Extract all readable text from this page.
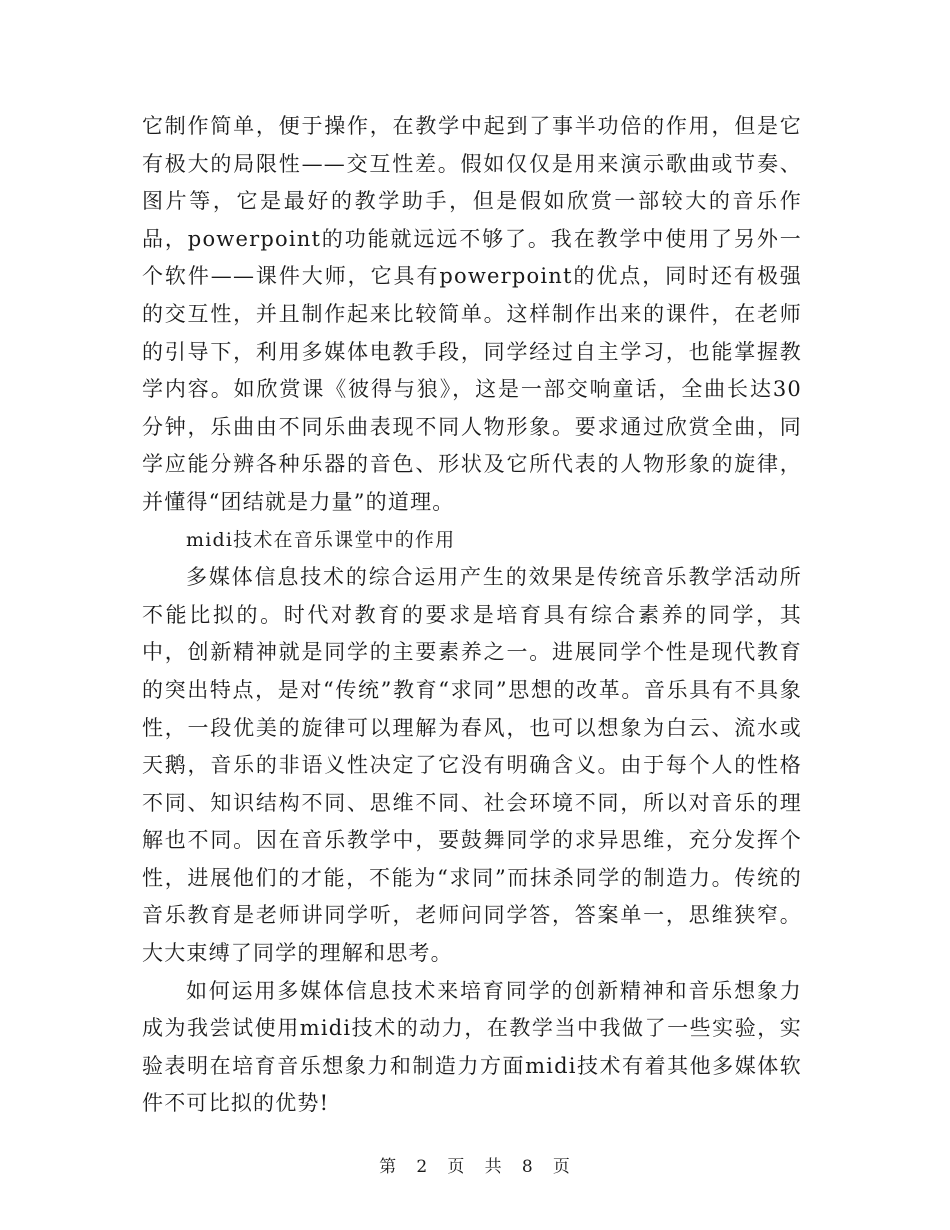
它制作简单，便于操作，在教学中起到了事半功倍的作用，但是它有极大的局限性——交互性差。假如仅仅是用来演示歌曲或节奏、图片等，它是最好的教学助手，但是假如欣赏一部较大的音乐作品，powerpoint的功能就远远不够了。我在教学中使用了另外一个软件——课件大师，它具有powerpoint的优点，同时还有极强的交互性，并且制作起来比较简单。这样制作出来的课件，在老师的引导下，利用多媒体电教手段，同学经过自主学习，也能掌握教学内容。如欣赏课《彼得与狼》，这是一部交响童话，全曲长达30分钟，乐曲由不同乐曲表现不同人物形象。要求通过欣赏全曲，同学应能分辨各种乐器的音色、形状及它所代表的人物形象的旋律，并懂得“团结就是力量”的道理。

midi技术在音乐课堂中的作用

多媒体信息技术的综合运用产生的效果是传统音乐教学活动所不能比拟的。时代对教育的要求是培育具有综合素养的同学，其中，创新精神就是同学的主要素养之一。进展同学个性是现代教育的突出特点，是对“传统”教育“求同”思想的改革。音乐具有不具象性，一段优美的旋律可以理解为春风，也可以想象为白云、流水或天鹅，音乐的非语义性决定了它没有明确含义。由于每个人的性格不同、知识结构不同、思维不同、社会环境不同，所以对音乐的理解也不同。因在音乐教学中，要鼓舞同学的求异思维，充分发挥个性，进展他们的才能，不能为“求同”而抹杀同学的制造力。传统的音乐教育是老师讲同学听，老师问同学答，答案单一，思维狭窄。大大束缚了同学的理解和思考。

如何运用多媒体信息技术来培育同学的创新精神和音乐想象力成为我尝试使用midi技术的动力，在教学当中我做了一些实验，实验表明在培育音乐想象力和制造力方面midi技术有着其他多媒体软件不可比拟的优势!

第 2 页 共 8 页
